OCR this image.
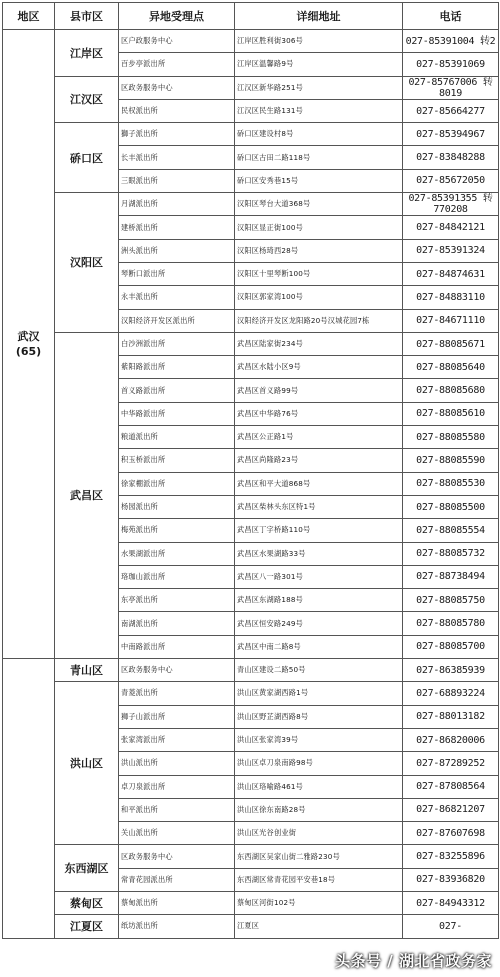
地区	县市区	异地受理点	详细地址	电话

武汉
(65)	江岸区	区户政服务中心	江岸区胜利街306号	027-85391004 转2
		百步亭派出所	江岸区温馨路9号	027-85391069
	江汉区	区政务服务中心	江汉区新华路251号	027-85767006 转8019
		民权派出所	江汉区民生路131号	027-85664277
	硚口区	獅子派出所	硚口区建设村8号	027-85394967
		长丰派出所	硚口区古田二路118号	027-83848288
		三眼派出所	硚口区安秀巷15号	027-85672050
	汉阳区	月湖派出所	汉阳区琴台大道368号	027-85391355 转770208
		建桥派出所	汉阳区显正街100号	027-84842121
		洲头派出所	汉阳区杨琦西28号	027-85391324
		琴断口派出所	汉阳区十里琴断100号	027-84874631
		永丰派出所	汉阳区郭家湾100号	027-84883110
		汉阳经济开发区派出所	汉阳经济开发区龙阳路20号汉城花园7栋	027-84671110
	武昌区	白沙洲派出所	武昌区陆家街234号	027-88085671
		紫阳路派出所	武昌区水陆小区9号	027-88085640
		首义路派出所	武昌区首义路99号	027-88085680
		中华路派出所	武昌区中华路76号	027-88085610
		粮道派出所	武昌区公正路1号	027-88085580
		积玉桥派出所	武昌区尚隆路23号	027-88085590
		徐家棚派出所	武昌区和平大道868号	027-88085530
		杨园派出所	武昌区柴林头东区特1号	027-88085500
		梅苑派出所	武昌区丁字桥路110号	027-88085554
		水果湖派出所	武昌区水果湖路33号	027-88085732
		珞珈山派出所	武昌区八一路301号	027-88738494
		东亭派出所	武昌区东湖路188号	027-88085750
		南湖派出所	武昌区恒安路249号	027-88085780
		中南路派出所	武昌区中南二路8号	027-88085700
	青山区	区政务服务中心	青山区建设二路50号	027-86385939
	洪山区	青菱派出所	洪山区黄家湖西路1号	027-68893224
		狮子山派出所	洪山区野芷湖西路8号	027-88013182
		张家湾派出所	洪山区张家湾39号	027-86820006
		洪山派出所	洪山区卓刀泉南路98号	027-87289252
		卓刀泉派出所	洪山区珞喻路461号	027-87808564
		和平派出所	洪山区徐东南路28号	027-86821207
		关山派出所	洪山区光谷创业街	027-87607698
	东西湖区	区政务服务中心	东西湖区吴家山街二雅路230号	027-83255896
		常青花园派出所	东西湖区常青花园平安巷18号	027-83936820
	蔡甸区	蔡甸派出所	蔡甸区河街102号	027-84943312
	江夏区	纸坊派出所	江夏区	027-
头条号 / 湖北省政务家
